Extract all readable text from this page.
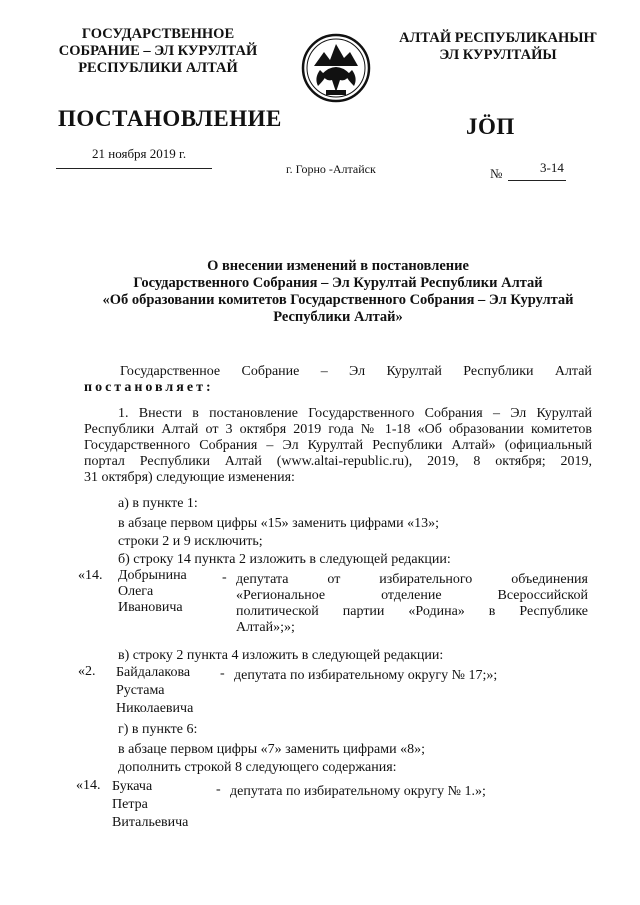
ГОСУДАРСТВЕННОЕ
СОБРАНИЕ – ЭЛ КУРУЛТАЙ
РЕСПУБЛИКИ АЛТАЙ
АЛТАЙ РЕСПУБЛИКАНЫҤ
ЭЛ КУРУЛТАЙЫ
ПОСТАНОВЛЕНИЕ	JÖП
21 ноября 2019 г.
г. Горно -Алтайск	№	3-14
О внесении изменений в постановление
Государственного Собрания – Эл Курултай Республики Алтай
«Об образовании комитетов Государственного Собрания – Эл Курултай
Республики Алтай»
Государственное Собрание – Эл Курултай Республики Алтай
постановляет:
1. Внести в постановление Государственного Собрания – Эл Курултай
Республики Алтай от 3 октября 2019 года № 1-18 «Об образовании комитетов
Государственного Собрания – Эл Курултай Республики Алтай» (официальный
портал Республики Алтай (www.altai-republic.ru), 2019, 8 октября; 2019,
31 октября) следующие изменения:
а) в пункте 1:
в абзаце первом цифры «15» заменить цифрами «13»;
строки 2 и 9 исключить;
б) строку 14 пункта 2 изложить в следующей редакции:
«14. Добрынина
Олега
Ивановича
- депутата от избирательного объединения
«Региональное отделение Всероссийской
политической партии «Родина» в Республике
Алтай»;»;
в) строку 2 пункта 4 изложить в следующей редакции:
«2. Байдалакова
Рустама
Николаевича
- депутата по избирательному округу № 17;»;
г) в пункте 6:
в абзаце первом цифры «7» заменить цифрами «8»;
дополнить строкой 8 следующего содержания:
«14. Букача
Петра
Витальевича
- депутата по избирательному округу № 1.»;
